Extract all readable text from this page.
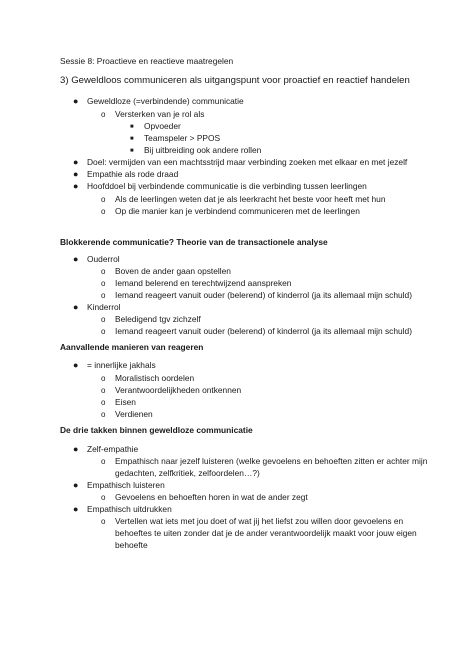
Sessie 8: Proactieve en reactieve maatregelen
3) Geweldloos communiceren als uitgangspunt voor proactief en reactief handelen
● Geweldloze (=verbindende) communicatie
o Versterken van je rol als
■ Opvoeder
■ Teamspeler > PPOS
■ Bij uitbreiding ook andere rollen
● Doel: vermijden van een machtsstrijd maar verbinding zoeken met elkaar en met jezelf
● Empathie als rode draad
● Hoofddoel bij verbindende communicatie is die verbinding tussen leerlingen
o Als de leerlingen weten dat je als leerkracht het beste voor heeft met hun
o Op die manier kan je verbindend communiceren met de leerlingen
Blokkerende communicatie? Theorie van de transactionele analyse
● Ouderrol
o Boven de ander gaan opstellen
o Iemand belerend en terechtwijzend aanspreken
o Iemand reageert vanuit ouder (belerend) of kinderrol (ja its allemaal mijn schuld)
● Kinderrol
o Beledigend tgv zichzelf
o Iemand reageert vanuit ouder (belerend) of kinderrol (ja its allemaal mijn schuld)
Aanvallende manieren van reageren
● = innerlijke jakhals
o Moralistisch oordelen
o Verantwoordelijkheden ontkennen
o Eisen
o Verdienen
De drie takken binnen geweldloze communicatie
● Zelf-empathie
o Empathisch naar jezelf luisteren (welke gevoelens en behoeften zitten er achter mijn
gedachten, zelfkritiek, zelfoordelen…?)
● Empathisch luisteren
o Gevoelens en behoeften horen in wat de ander zegt
● Empathisch uitdrukken
o Vertellen wat iets met jou doet of wat jij het liefst zou willen door gevoelens en
behoeftes te uiten zonder dat je de ander verantwoordelijk maakt voor jouw eigen
behoefte
